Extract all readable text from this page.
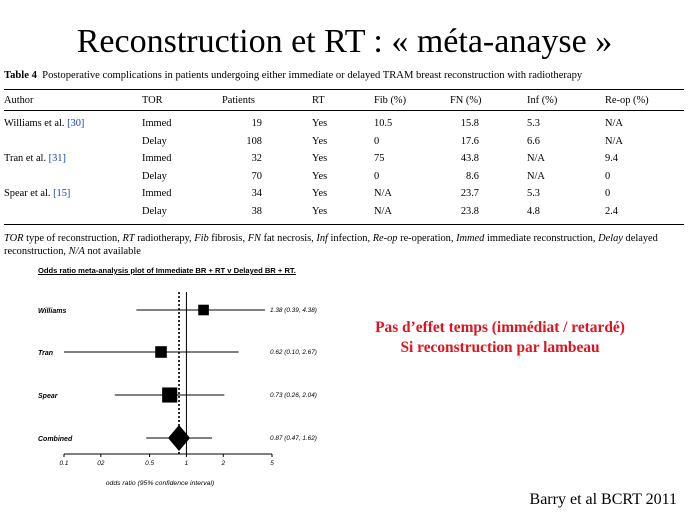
Reconstruction et RT : « méta-anayse »
Table 4 Postoperative complications in patients undergoing either immediate or delayed TRAM breast reconstruction with radiotherapy
Author	TOR	Patients	RT	Fib (%)	FN (%)	Inf (%)	Re-op (%)
Williams et al. [30]	Immed	19	Yes	10.5	15.8	5.3	N/A
	Delay	108	Yes	0	17.6	6.6	N/A
Tran et al. [31]	Immed	32	Yes	75	43.8	N/A	9.4
	Delay	70	Yes	0	8.6	N/A	0
Spear et al. [15]	Immed	34	Yes	N/A	23.7	5.3	0
	Delay	38	Yes	N/A	23.8	4.8	2.4
TOR type of reconstruction, RT radiotherapy, Fib fibrosis, FN fat necrosis, Inf infection, Re-op re-operation, Immed immediate reconstruction, Delay delayed reconstruction, N/A not available
Odds ratio meta-analysis plot of Immediate BR + RT v Delayed BR + RT.
0.1	02	0.5	1	2	5
odds ratio (95% confidence interval)
Williams	1.38 (0.39, 4.38)
Tran	0.62 (0.10, 2.67)
Spear	0.73 (0.26, 2.04)
Combined	0.87 (0.47, 1.62)
Pas d’effet temps (immédiat / retardé)
Si reconstruction par lambeau
Barry et al BCRT 2011
